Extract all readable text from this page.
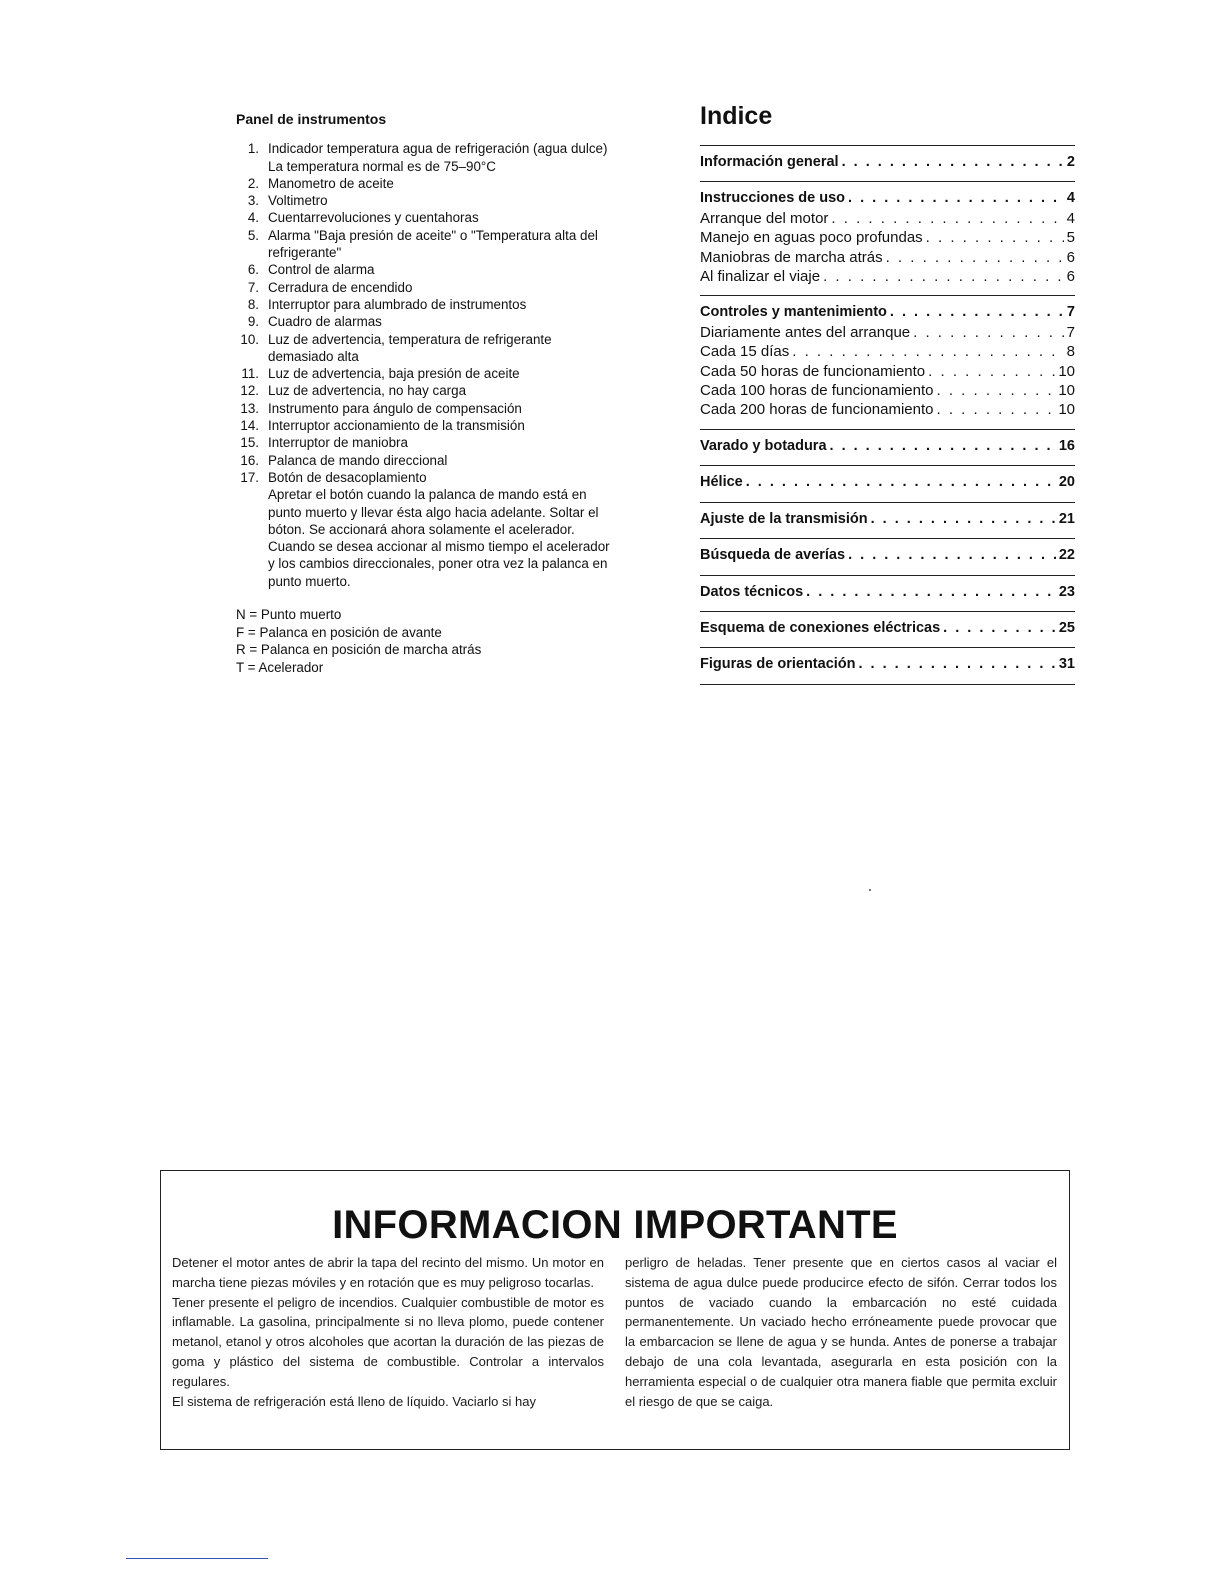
Panel de instrumentos
1. Indicador temperatura agua de refrigeración (agua dulce)
La temperatura normal es de 75–90°C
2. Manometro de aceite
3. Voltimetro
4. Cuentarrevoluciones y cuentahoras
5. Alarma "Baja presión de aceite" o "Temperatura alta del refrigerante"
6. Control de alarma
7. Cerradura de encendido
8. Interruptor para alumbrado de instrumentos
9. Cuadro de alarmas
10. Luz de advertencia, temperatura de refrigerante demasiado alta
11. Luz de advertencia, baja presión de aceite
12. Luz de advertencia, no hay carga
13. Instrumento para ángulo de compensación
14. Interruptor accionamiento de la transmisión
15. Interruptor de maniobra
16. Palanca de mando direccional
17. Botón de desacoplamiento
Apretar el botón cuando la palanca de mando está en punto muerto y llevar ésta algo hacia adelante. Soltar el bóton. Se accionará ahora solamente el acelerador. Cuando se desea accionar al mismo tiempo el acelerador y los cambios direccionales, poner otra vez la palanca en punto muerto.
N = Punto muerto
F = Palanca en posición de avante
R = Palanca en posición de marcha atrás
T = Acelerador
Indice
Información general . . .	2
Instrucciones de uso . . .	4
Arranque del motor . . .	4
Manejo en aguas poco profundas . . .	5
Maniobras de marcha atrás . . .	6
Al finalizar el viaje . . .	6
Controles y mantenimiento . . .	7
Diariamente antes del arranque . . .	7
Cada 15 días . . .	8
Cada 50 horas de funcionamiento . . .	10
Cada 100 horas de funcionamiento . . .	10
Cada 200 horas de funcionamiento . . .	10
Varado y botadura . . .	16
Hélice . . .	20
Ajuste de la transmisión . . .	21
Búsqueda de averías . . .	22
Datos técnicos . . .	23
Esquema de conexiones eléctricas . . .	25
Figuras de orientación . . .	31
INFORMACION IMPORTANTE

Detener el motor antes de abrir la tapa del recinto del mismo. Un motor en marcha tiene piezas móviles y en rotación que es muy peligroso tocarlas.

Tener presente el peligro de incendios. Cualquier combustible de motor es inflamable. La gasolina, principalmente si no lleva plomo, puede contener metanol, etanol y otros alcoholes que acortan la duración de las piezas de goma y plástico del sistema de combustible. Controlar a intervalos regulares.

El sistema de refrigeración está lleno de líquido. Vaciarlo si hay

perligro de heladas. Tener presente que en ciertos casos al vaciar el sistema de agua dulce puede producirce efecto de sifón. Cerrar todos los puntos de vaciado cuando la embarcación no esté cuidada permanentemente. Un vaciado hecho erróneamente puede provocar que la embarcacion se llene de agua y se hunda. Antes de ponerse a trabajar debajo de una cola levantada, asegurarla en esta posición con la herramienta especial o de cualquier otra manera fiable que permita excluir el riesgo de que se caiga.
